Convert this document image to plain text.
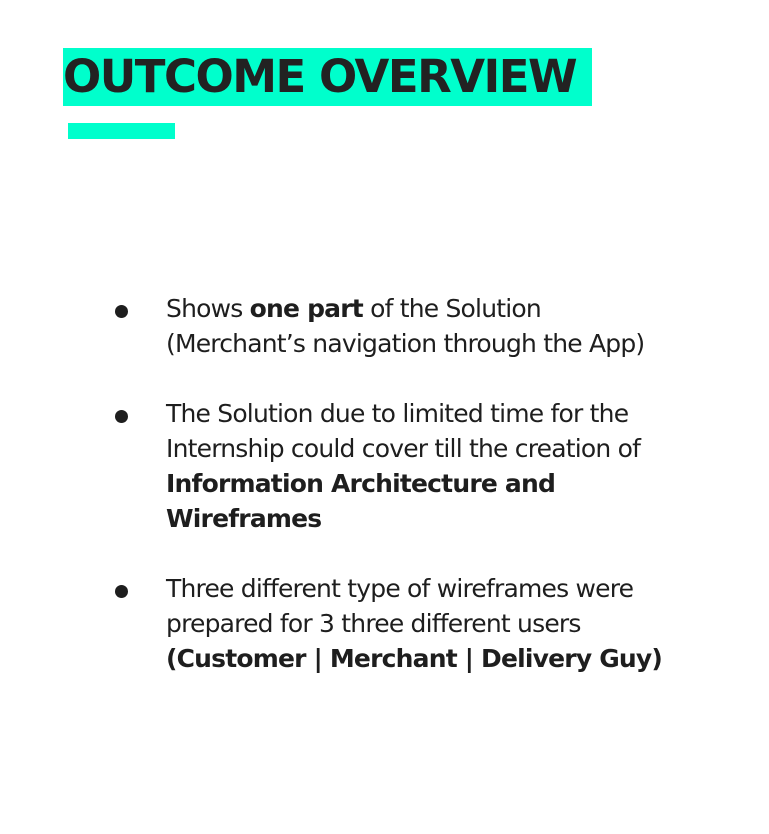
OUTCOME OVERVIEW
Shows one part of the Solution
(Merchant’s navigation through the App)
The Solution due to limited time for the
Internship could cover till the creation of
Information Architecture and
Wireframes
Three different type of wireframes were
prepared for 3 three different users
(Customer | Merchant | Delivery Guy)
